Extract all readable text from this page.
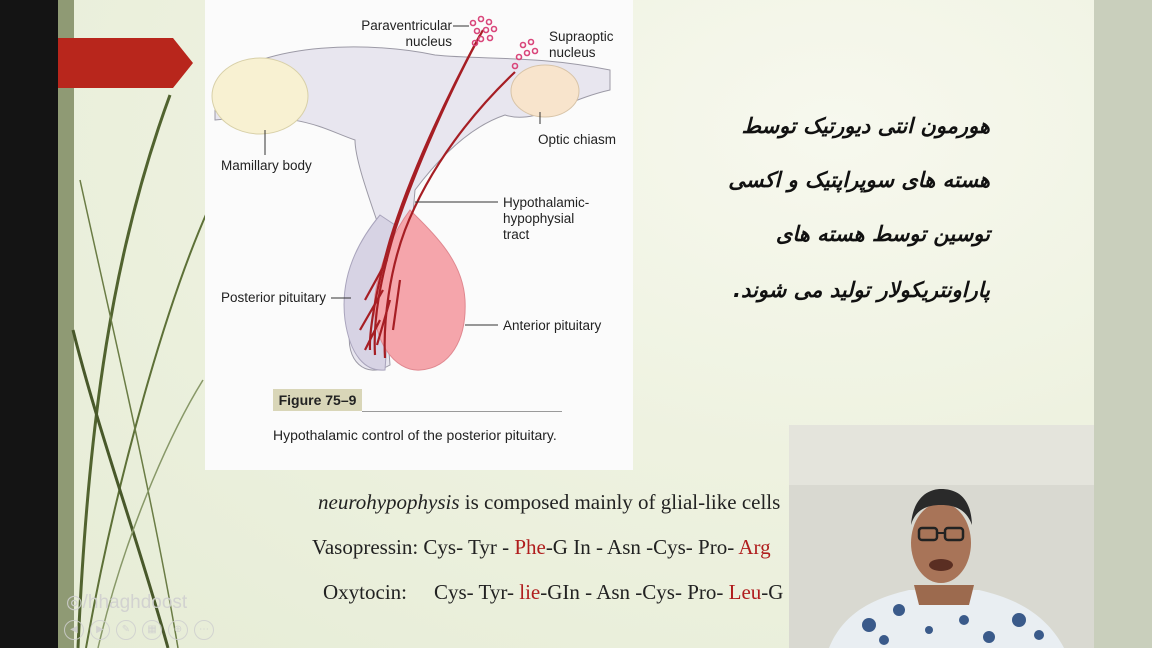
Paraventricular nucleus	Supraoptic nucleus
Optic chiasm
Mamillary body
Hypothalamic- hypophysial tract
Posterior pituitary
Anterior pituitary
Figure 75–9
Hypothalamic control of the posterior pituitary.
هورمون انتی دیورتیک توسط
هسته های سوپراپتیک و اکسی
توسین توسط هسته های
پاراونتریکولار تولید می شوند.
neurohypophysis is composed mainly of glial-like cells
Vasopressin: Cys- Tyr - Phe-G In - Asn -Cys- Pro- Arg
Oxytocin: Cys- Tyr- lie-GIn - Asn -Cys- Pro- Leu-G
◎/hhaghdoost
◀	▶	✎	▦	⊕	⋯
